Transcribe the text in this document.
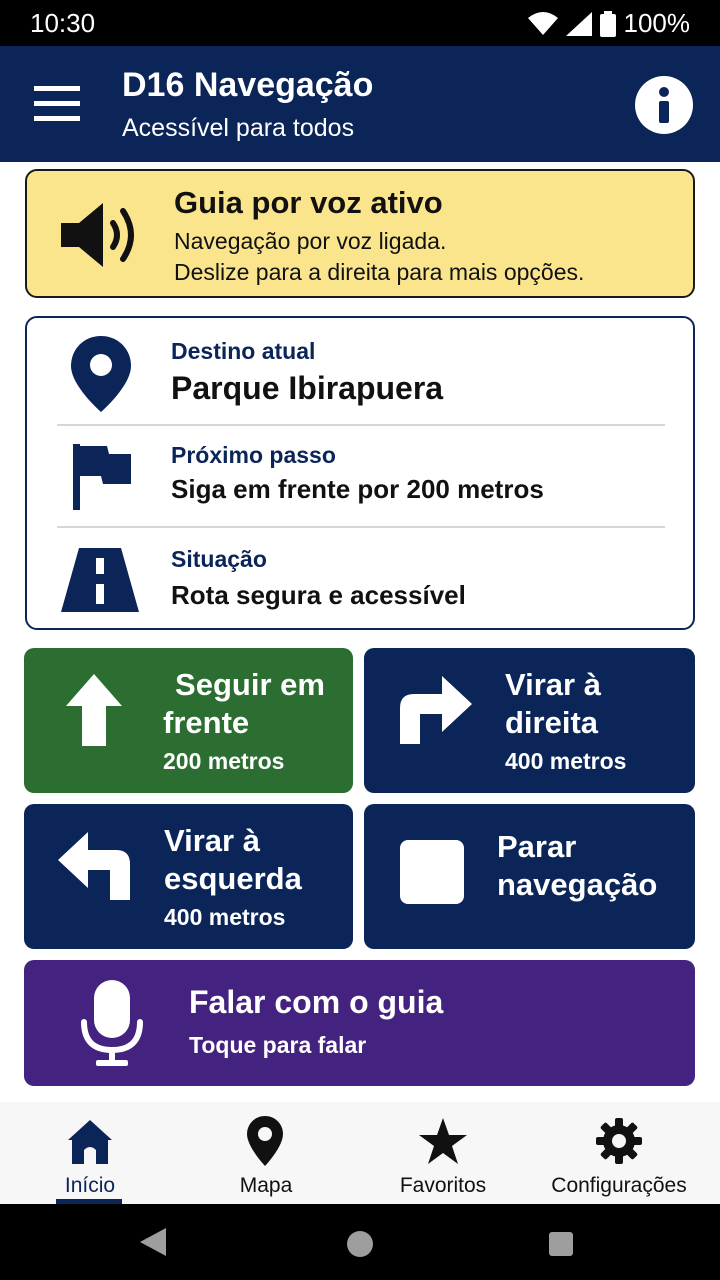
10:30	100%
D16 Navegação
Acessível para todos
Guia por voz ativo
Navegação por voz ligada.
Deslize para a direita para mais opções.
Destino atual
Parque Ibirapuera
Próximo passo
Siga em frente por 200 metros
Situação
Rota segura e acessível
Seguir em
frente
200 metros
Virar à
direita
400 metros
Virar à
esquerda
400 metros
Parar
navegação
Falar com o guia
Toque para falar
Início	Mapa	Favoritos	Configurações
